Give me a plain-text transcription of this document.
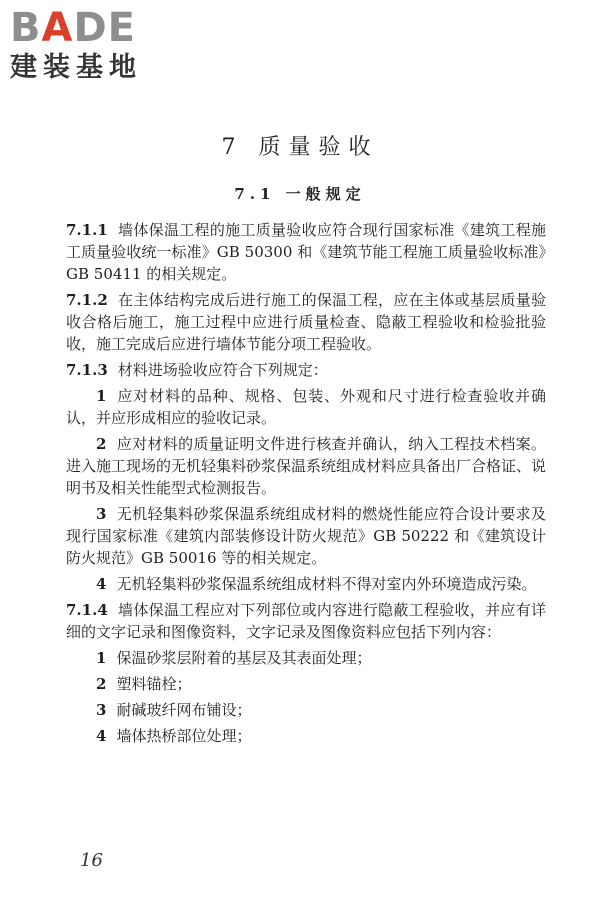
BADE
建装基地
7 质量验收
7.1 一般规定

7.1.1 墙体保温工程的施工质量验收应符合现行国家标准《建筑工程施工质量验收统一标准》GB 50300 和《建筑节能工程施工质量验收标准》GB 50411 的相关规定。

7.1.2 在主体结构完成后进行施工的保温工程，应在主体或基层质量验收合格后施工，施工过程中应进行质量检查、隐蔽工程验收和检验批验收，施工完成后应进行墙体节能分项工程验收。

7.1.3 材料进场验收应符合下列规定：

1 应对材料的品种、规格、包装、外观和尺寸进行检查验收并确认，并应形成相应的验收记录。

2 应对材料的质量证明文件进行核查并确认，纳入工程技术档案。进入施工现场的无机轻集料砂浆保温系统组成材料应具备出厂合格证、说明书及相关性能型式检测报告。

3 无机轻集料砂浆保温系统组成材料的燃烧性能应符合设计要求及现行国家标准《建筑内部装修设计防火规范》GB 50222 和《建筑设计防火规范》GB 50016 等的相关规定。

4 无机轻集料砂浆保温系统组成材料不得对室内外环境造成污染。

7.1.4 墙体保温工程应对下列部位或内容进行隐蔽工程验收，并应有详细的文字记录和图像资料，文字记录及图像资料应包括下列内容：

1 保温砂浆层附着的基层及其表面处理；

2 塑料锚栓；

3 耐碱玻纤网布铺设；

4 墙体热桥部位处理；

16
